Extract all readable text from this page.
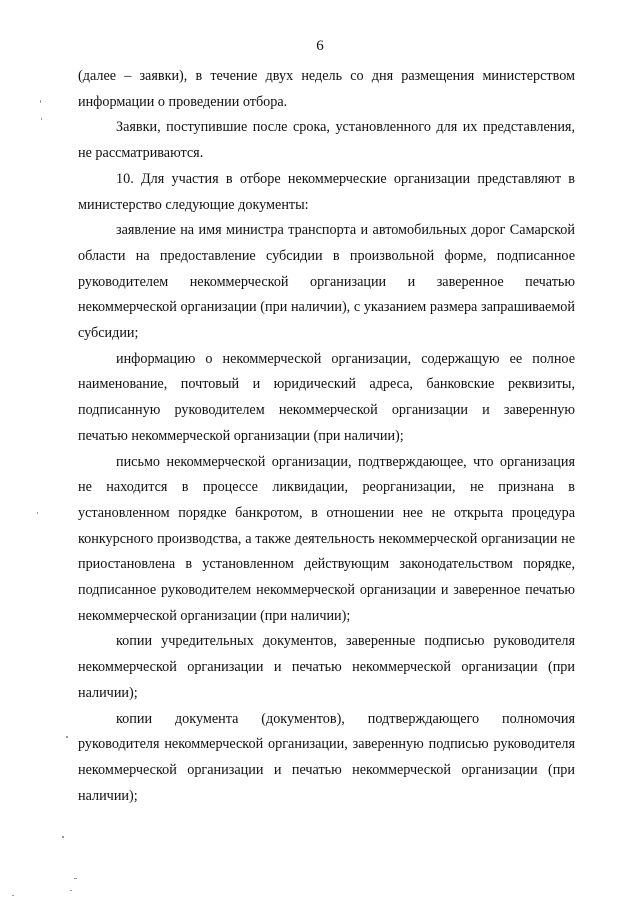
6

(далее – заявки), в течение двух недель со дня размещения министерством информации о проведении отбора.

Заявки, поступившие после срока, установленного для их представления, не рассматриваются.

10. Для участия в отборе некоммерческие организации представляют в министерство следующие документы:

заявление на имя министра транспорта и автомобильных дорог Самарской области на предоставление субсидии в произвольной форме, подписанное руководителем некоммерческой организации и заверенное печатью некоммерческой организации (при наличии), с указанием размера запрашиваемой субсидии;

информацию о некоммерческой организации, содержащую ее полное наименование, почтовый и юридический адреса, банковские реквизиты, подписанную руководителем некоммерческой организации и заверенную печатью некоммерческой организации (при наличии);

письмо некоммерческой организации, подтверждающее, что организация не находится в процессе ликвидации, реорганизации, не признана в установленном порядке банкротом, в отношении нее не открыта процедура конкурсного производства, а также деятельность некоммерческой организации не приостановлена в установленном действующим законодательством порядке, подписанное руководителем некоммерческой организации и заверенное печатью некоммерческой организации (при наличии);

копии учредительных документов, заверенные подписью руководителя некоммерческой организации и печатью некоммерческой организации (при наличии);

копии документа (документов), подтверждающего полномочия руководителя некоммерческой организации, заверенную подписью руководителя некоммерческой организации и печатью некоммерческой организации (при наличии);
